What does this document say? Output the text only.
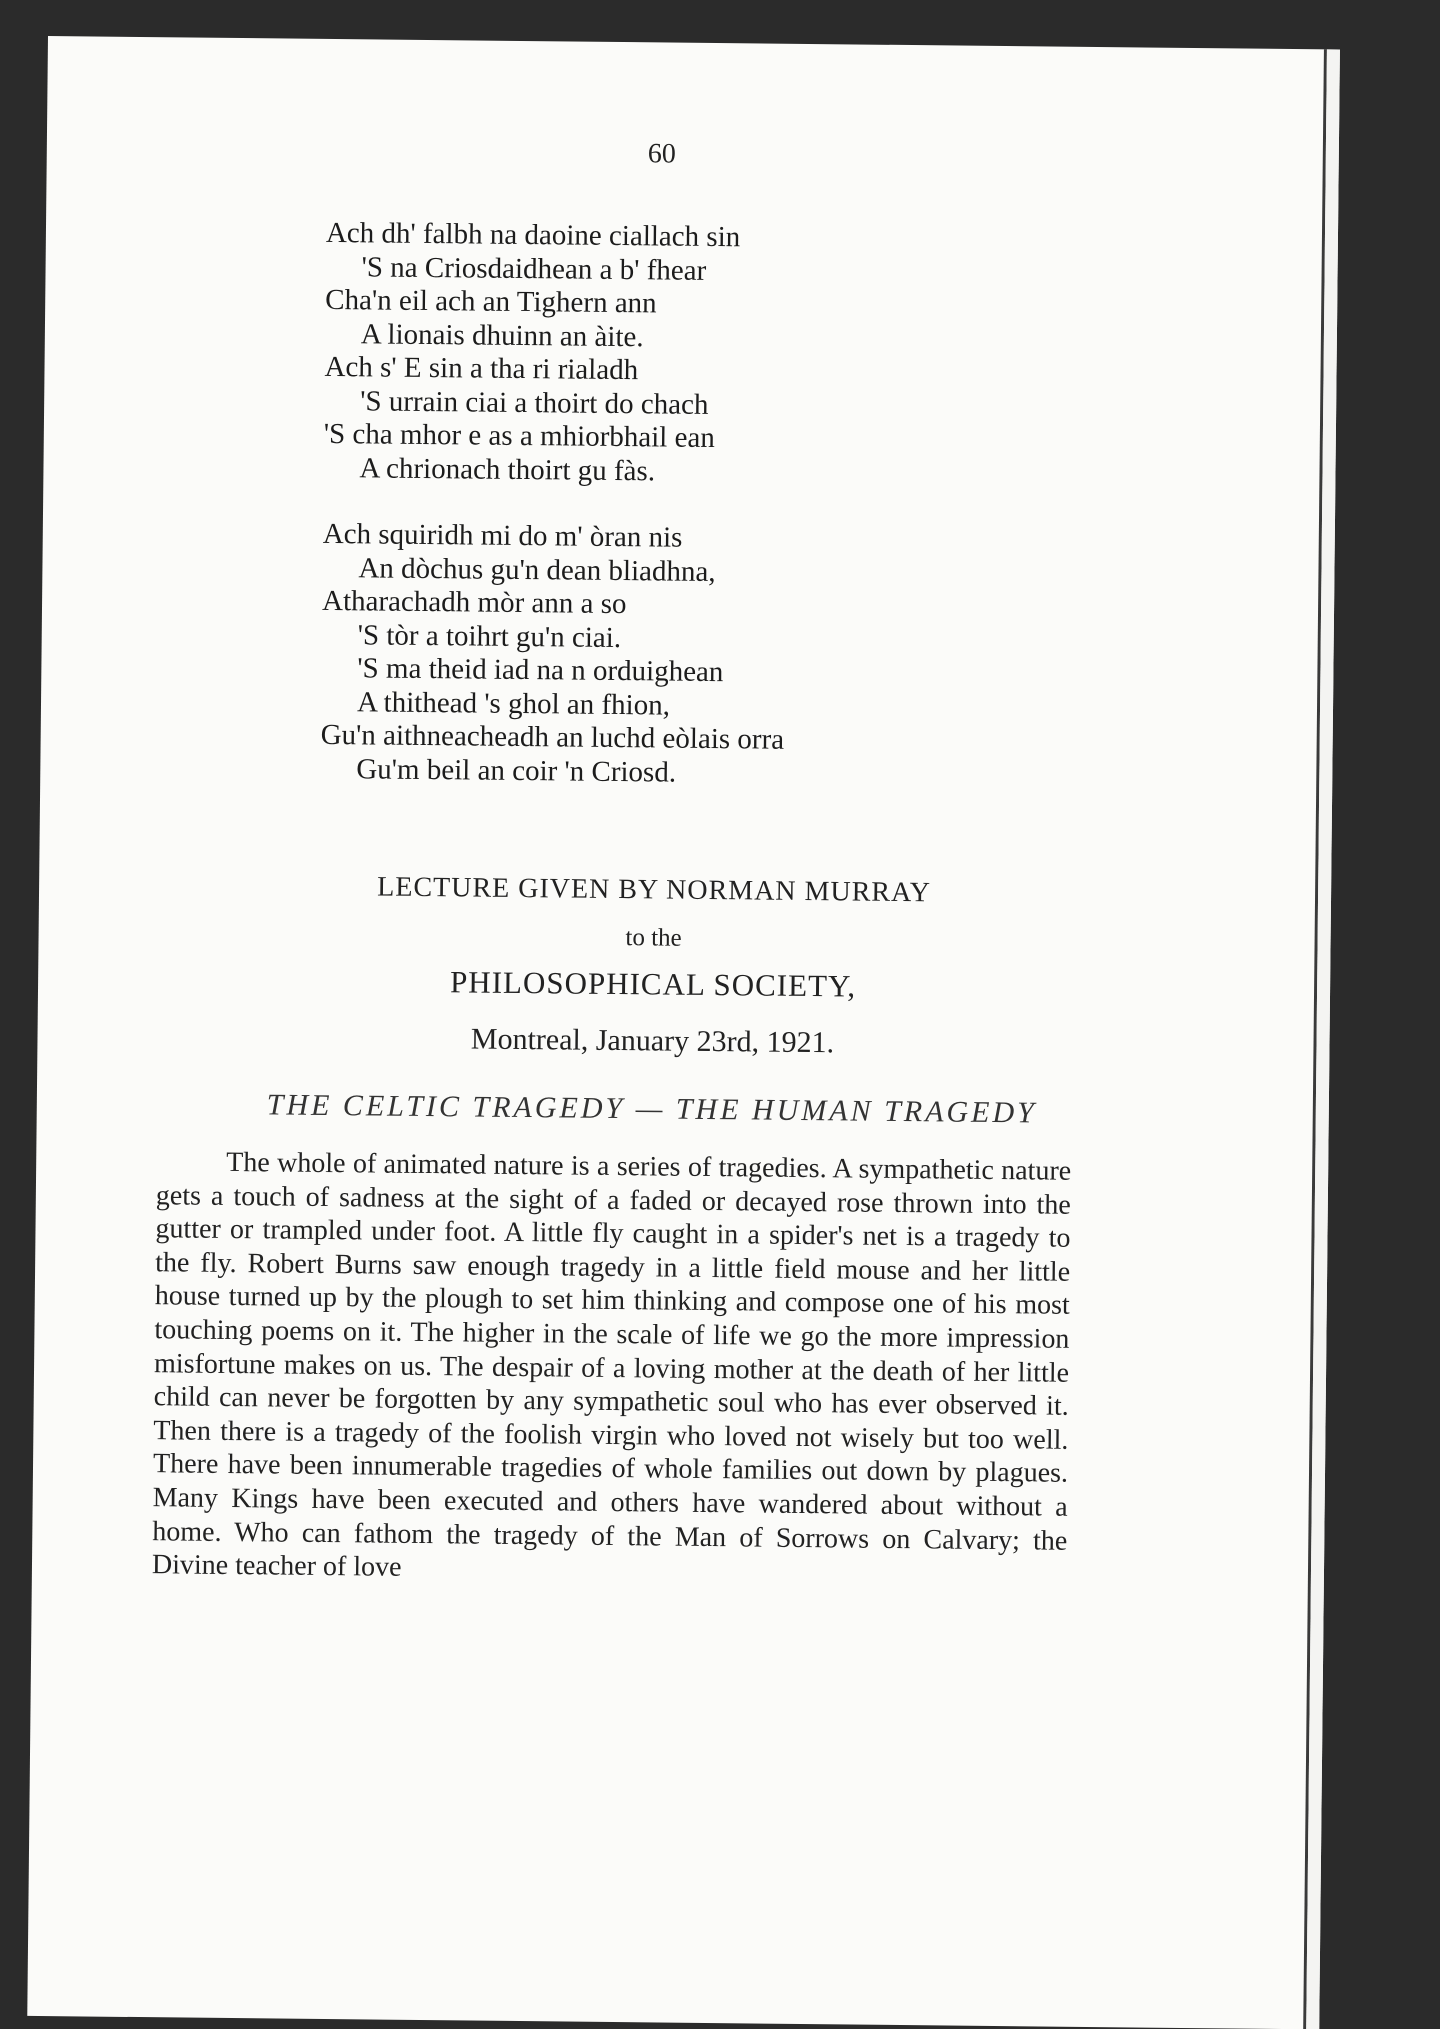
60
Ach dh' falbh na daoine ciallach sin
'S na Criosdaidhean a b' fhear
Cha'n eil ach an Tighern ann
A lionais dhuinn an àite.
Ach s' E sin a tha ri rialadh
'S urrain ciai a thoirt do chach
'S cha mhor e as a mhiorbhail ean
A chrionach thoirt gu fàs.
Ach squiridh mi do m' òran nis
An dòchus gu'n dean bliadhna,
Atharachadh mòr ann a so
'S tòr a toihrt gu'n ciai.
'S ma theid iad na n orduighean
A thithead 's ghol an fhion,
Gu'n aithneacheadh an luchd eòlais orra
Gu'm beil an coir 'n Criosd.
LECTURE GIVEN BY NORMAN MURRAY
to the
PHILOSOPHICAL SOCIETY,
Montreal, January 23rd, 1921.
THE CELTIC TRAGEDY — THE HUMAN TRAGEDY
The whole of animated nature is a series of tragedies. A sympathetic nature gets a touch of sadness at the sight of a faded or decayed rose thrown into the gutter or trampled under foot. A little fly caught in a spider's net is a tragedy to the fly. Robert Burns saw enough tragedy in a little field mouse and her little house turned up by the plough to set him thinking and compose one of his most touching poems on it. The higher in the scale of life we go the more impression misfortune makes on us. The despair of a loving mother at the death of her little child can never be forgotten by any sympathetic soul who has ever observed it. Then there is a tragedy of the foolish virgin who loved not wisely but too well. There have been innumerable tragedies of whole families out down by plagues. Many Kings have been executed and others have wandered about without a home. Who can fathom the tragedy of the Man of Sorrows on Calvary; the Divine teacher of love
